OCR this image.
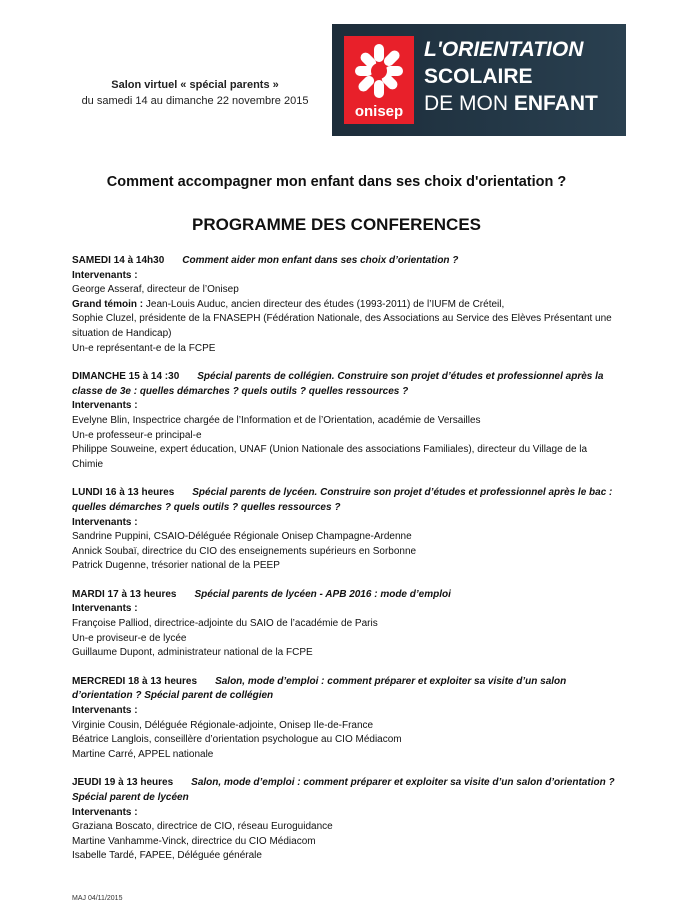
Salon virtuel « spécial parents »
du samedi 14 au dimanche 22 novembre 2015
onisep
L'ORIENTATION
SCOLAIRE
DE MON ENFANT
Comment accompagner mon enfant dans ses choix d'orientation ?
PROGRAMME DES CONFERENCES
SAMEDI 14 à 14h30 Comment aider mon enfant dans ses choix d’orientation ?
Intervenants :
George Asseraf, directeur de l’Onisep
Grand témoin : Jean-Louis Auduc, ancien directeur des études (1993-2011) de l’IUFM de Créteil,
Sophie Cluzel, présidente de la FNASEPH (Fédération Nationale, des Associations au Service des Elèves Présentant une situation de Handicap)
Un-e représentant-e de la FCPE
DIMANCHE 15 à 14 :30 Spécial parents de collégien. Construire son projet d’études et professionnel après la classe de 3e : quelles démarches ? quels outils ? quelles ressources ?
Intervenants :
Evelyne Blin, Inspectrice chargée de l’Information et de l’Orientation, académie de Versailles
Un-e professeur-e principal-e
Philippe Souweine, expert éducation, UNAF (Union Nationale des associations Familiales), directeur du Village de la Chimie
LUNDI 16 à 13 heures Spécial parents de lycéen. Construire son projet d’études et professionnel après le bac : quelles démarches ? quels outils ? quelles ressources ?
Intervenants :
Sandrine Puppini, CSAIO-Déléguée Régionale Onisep Champagne-Ardenne
Annick Soubaï, directrice du CIO des enseignements supérieurs en Sorbonne
Patrick Dugenne, trésorier national de la PEEP
MARDI 17 à 13 heures Spécial parents de lycéen - APB 2016 : mode d’emploi
Intervenants :
Françoise Palliod, directrice-adjointe du SAIO de l’académie de Paris
Un-e proviseur-e de lycée
Guillaume Dupont, administrateur national de la FCPE
MERCREDI 18 à 13 heures Salon, mode d’emploi : comment préparer et exploiter sa visite d’un salon d’orientation ? Spécial parent de collégien
Intervenants :
Virginie Cousin, Déléguée Régionale-adjointe, Onisep Ile-de-France
Béatrice Langlois, conseillère d’orientation psychologue au CIO Médiacom
Martine Carré, APPEL nationale
JEUDI 19 à 13 heures Salon, mode d’emploi : comment préparer et exploiter sa visite d’un salon d’orientation ? Spécial parent de lycéen
Intervenants :
Graziana Boscato, directrice de CIO, réseau Euroguidance
Martine Vanhamme-Vinck, directrice du CIO Médiacom
Isabelle Tardé, FAPEE, Déléguée générale
MAJ 04/11/2015
